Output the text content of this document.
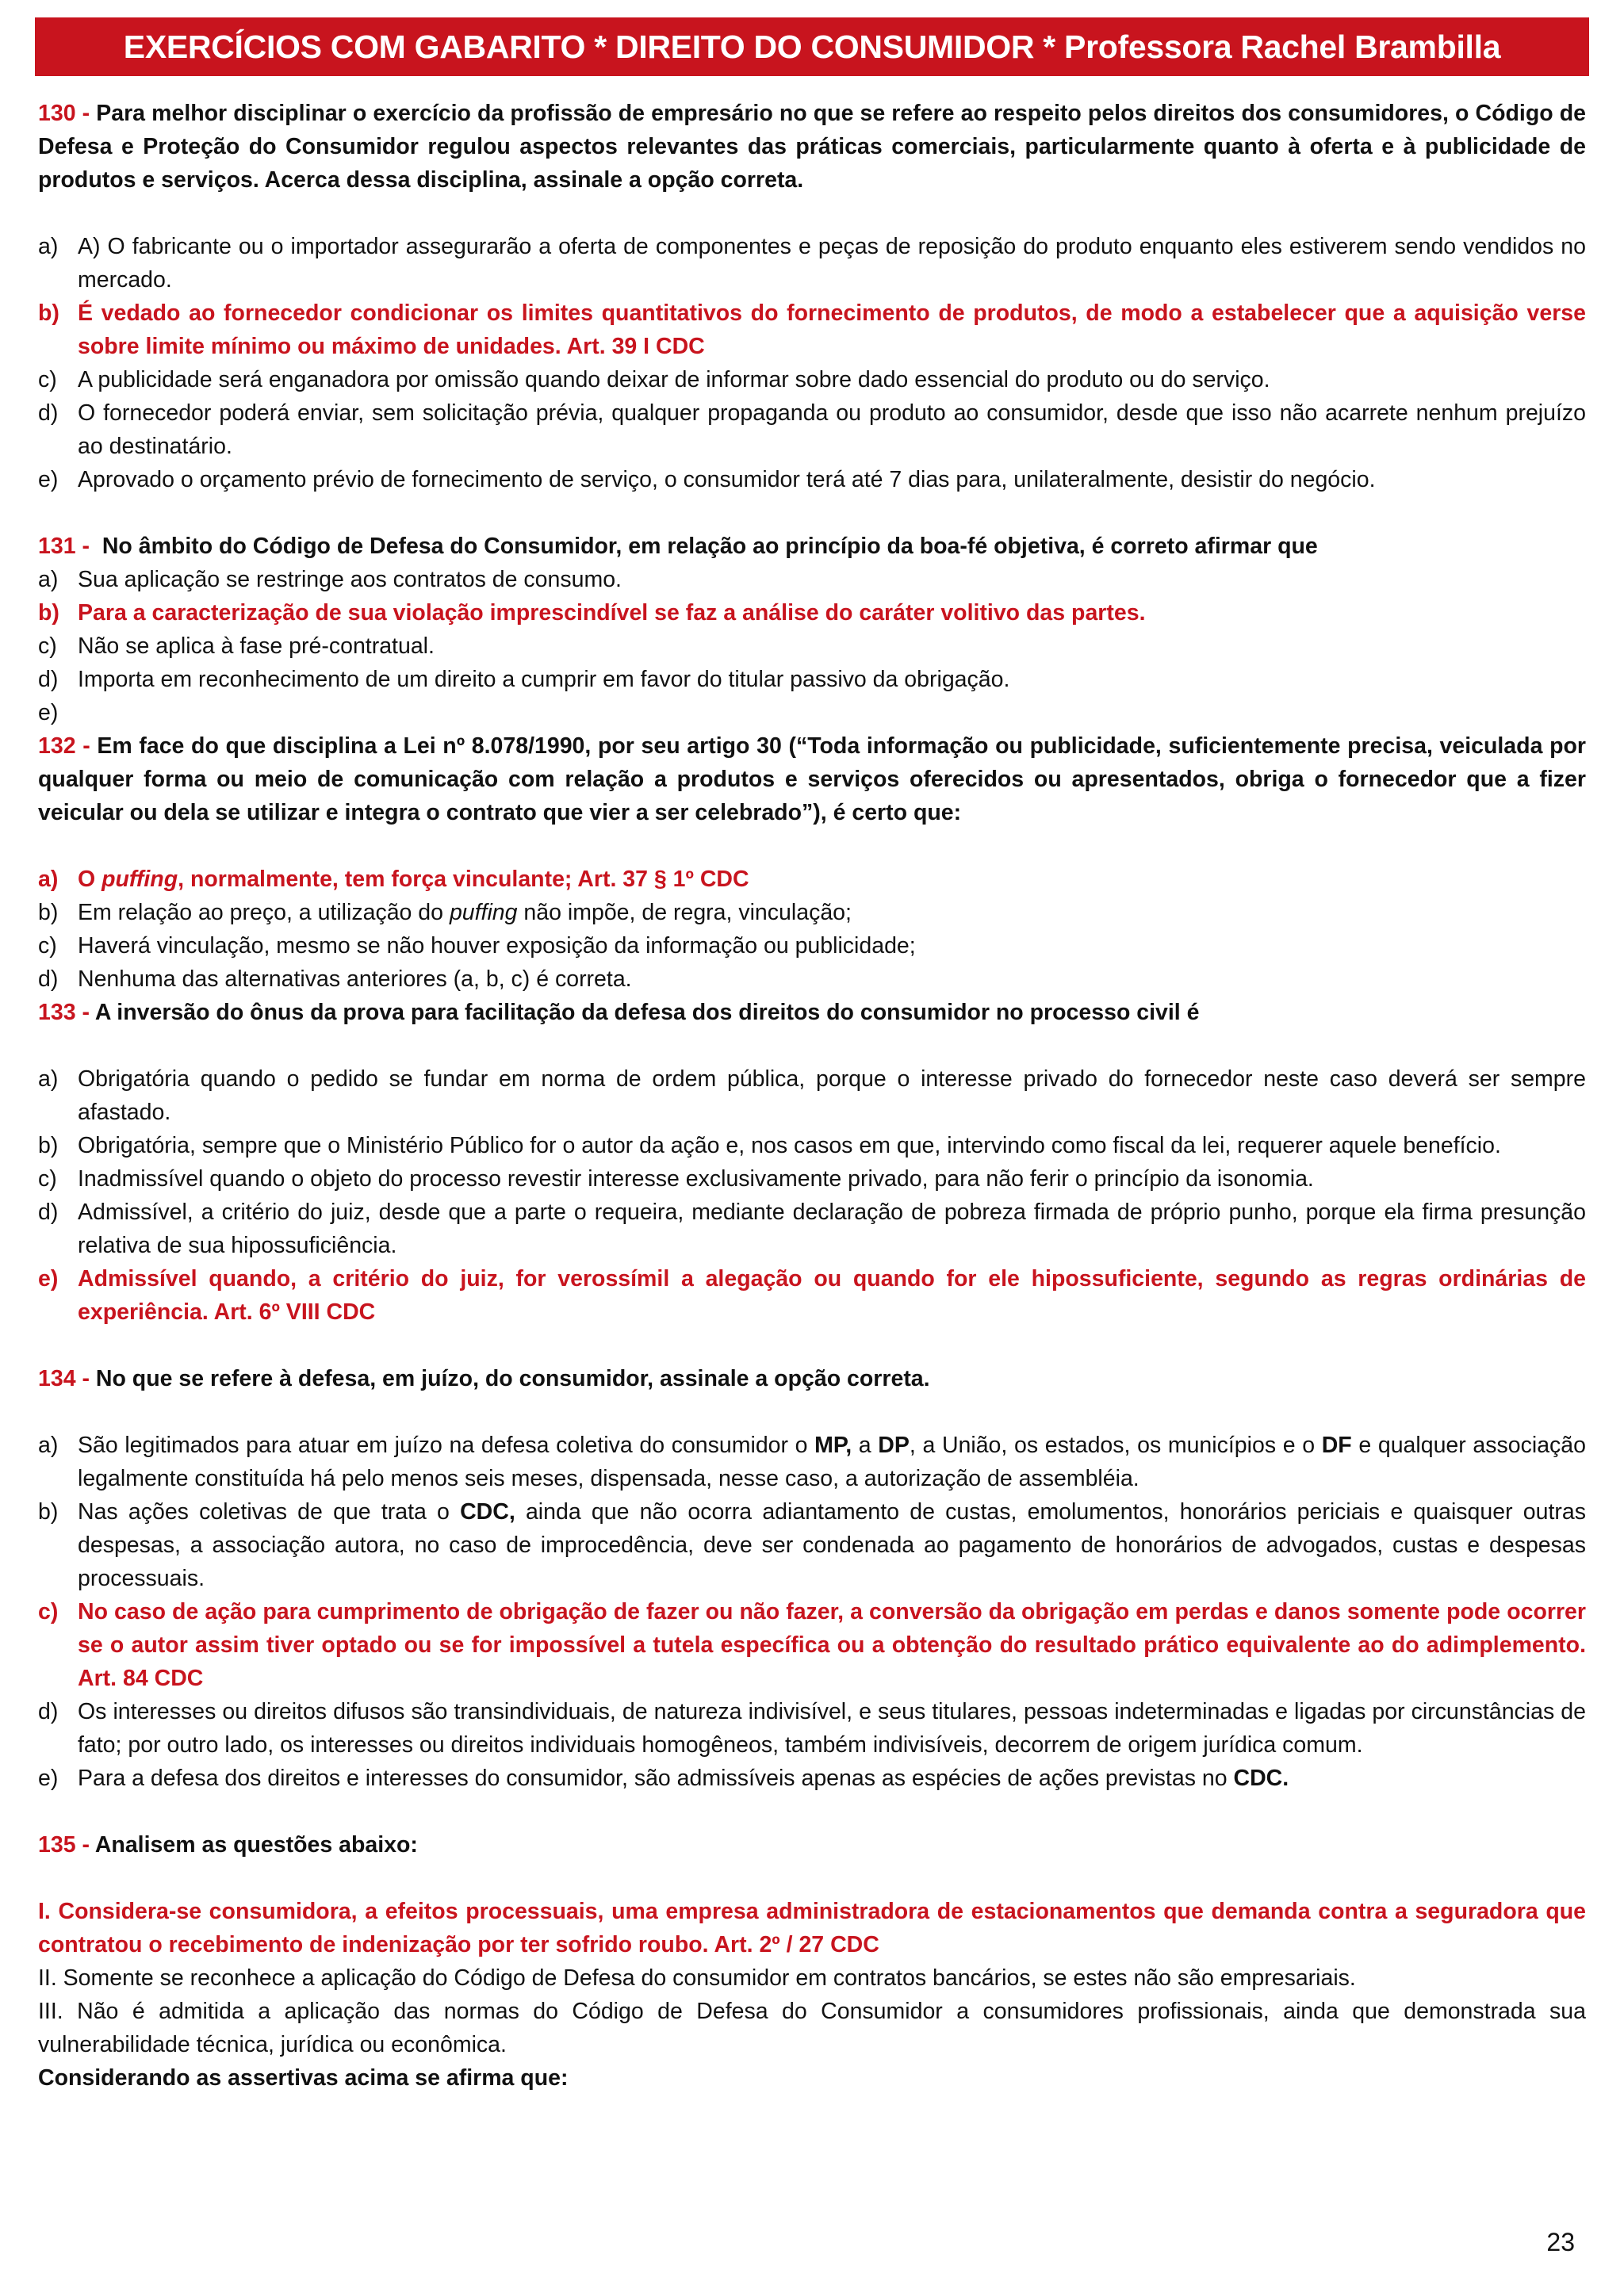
EXERCÍCIOS COM GABARITO * DIREITO DO CONSUMIDOR * Professora Rachel Brambilla

130 - Para melhor disciplinar o exercício da profissão de empresário no que se refere ao respeito pelos direitos dos consumidores, o Código de Defesa e Proteção do Consumidor regulou aspectos relevantes das práticas comerciais, particularmente quanto à oferta e à publicidade de produtos e serviços. Acerca dessa disciplina, assinale a opção correta.

a) A) O fabricante ou o importador assegurarão a oferta de componentes e peças de reposição do produto enquanto eles estiverem sendo vendidos no mercado.
b) É vedado ao fornecedor condicionar os limites quantitativos do fornecimento de produtos, de modo a estabelecer que a aquisição verse sobre limite mínimo ou máximo de unidades. Art. 39 I CDC
c) A publicidade será enganadora por omissão quando deixar de informar sobre dado essencial do produto ou do serviço.
d) O fornecedor poderá enviar, sem solicitação prévia, qualquer propaganda ou produto ao consumidor, desde que isso não acarrete nenhum prejuízo ao destinatário.
e) Aprovado o orçamento prévio de fornecimento de serviço, o consumidor terá até 7 dias para, unilateralmente, desistir do negócio.

131 - No âmbito do Código de Defesa do Consumidor, em relação ao princípio da boa-fé objetiva, é correto afirmar que

a) Sua aplicação se restringe aos contratos de consumo.
b) Para a caracterização de sua violação imprescindível se faz a análise do caráter volitivo das partes.
c) Não se aplica à fase pré-contratual.
d) Importa em reconhecimento de um direito a cumprir em favor do titular passivo da obrigação.
e)

132 - Em face do que disciplina a Lei nº 8.078/1990, por seu artigo 30 (“Toda informação ou publicidade, suficientemente precisa, veiculada por qualquer forma ou meio de comunicação com relação a produtos e serviços oferecidos ou apresentados, obriga o fornecedor que a fizer veicular ou dela se utilizar e integra o contrato que vier a ser celebrado”), é certo que:

a) O puffing, normalmente, tem força vinculante; Art. 37 § 1º CDC
b) Em relação ao preço, a utilização do puffing não impõe, de regra, vinculação;
c) Haverá vinculação, mesmo se não houver exposição da informação ou publicidade;
d) Nenhuma das alternativas anteriores (a, b, c) é correta.

133 - A inversão do ônus da prova para facilitação da defesa dos direitos do consumidor no processo civil é

a) Obrigatória quando o pedido se fundar em norma de ordem pública, porque o interesse privado do fornecedor neste caso deverá ser sempre afastado.
b) Obrigatória, sempre que o Ministério Público for o autor da ação e, nos casos em que, intervindo como fiscal da lei, requerer aquele benefício.
c) Inadmissível quando o objeto do processo revestir interesse exclusivamente privado, para não ferir o princípio da isonomia.
d) Admissível, a critério do juiz, desde que a parte o requeira, mediante declaração de pobreza firmada de próprio punho, porque ela firma presunção relativa de sua hipossuficiência.
e) Admissível quando, a critério do juiz, for verossímil a alegação ou quando for ele hipossuficiente, segundo as regras ordinárias de experiência. Art. 6º VIII CDC

134 - No que se refere à defesa, em juízo, do consumidor, assinale a opção correta.

a) São legitimados para atuar em juízo na defesa coletiva do consumidor o MP, a DP, a União, os estados, os municípios e o DF e qualquer associação legalmente constituída há pelo menos seis meses, dispensada, nesse caso, a autorização de assembléia.
b) Nas ações coletivas de que trata o CDC, ainda que não ocorra adiantamento de custas, emolumentos, honorários periciais e quaisquer outras despesas, a associação autora, no caso de improcedência, deve ser condenada ao pagamento de honorários de advogados, custas e despesas processuais.
c) No caso de ação para cumprimento de obrigação de fazer ou não fazer, a conversão da obrigação em perdas e danos somente pode ocorrer se o autor assim tiver optado ou se for impossível a tutela específica ou a obtenção do resultado prático equivalente ao do adimplemento. Art. 84 CDC
d) Os interesses ou direitos difusos são transindividuais, de natureza indivisível, e seus titulares, pessoas indeterminadas e ligadas por circunstâncias de fato; por outro lado, os interesses ou direitos individuais homogêneos, também indivisíveis, decorrem de origem jurídica comum.
e) Para a defesa dos direitos e interesses do consumidor, são admissíveis apenas as espécies de ações previstas no CDC.

135 - Analisem as questões abaixo:

I. Considera-se consumidora, a efeitos processuais, uma empresa administradora de estacionamentos que demanda contra a seguradora que contratou o recebimento de indenização por ter sofrido roubo. Art. 2º / 27 CDC

II. Somente se reconhece a aplicação do Código de Defesa do consumidor em contratos bancários, se estes não são empresariais.

III. Não é admitida a aplicação das normas do Código de Defesa do Consumidor a consumidores profissionais, ainda que demonstrada sua vulnerabilidade técnica, jurídica ou econômica.

Considerando as assertivas acima se afirma que:

23
